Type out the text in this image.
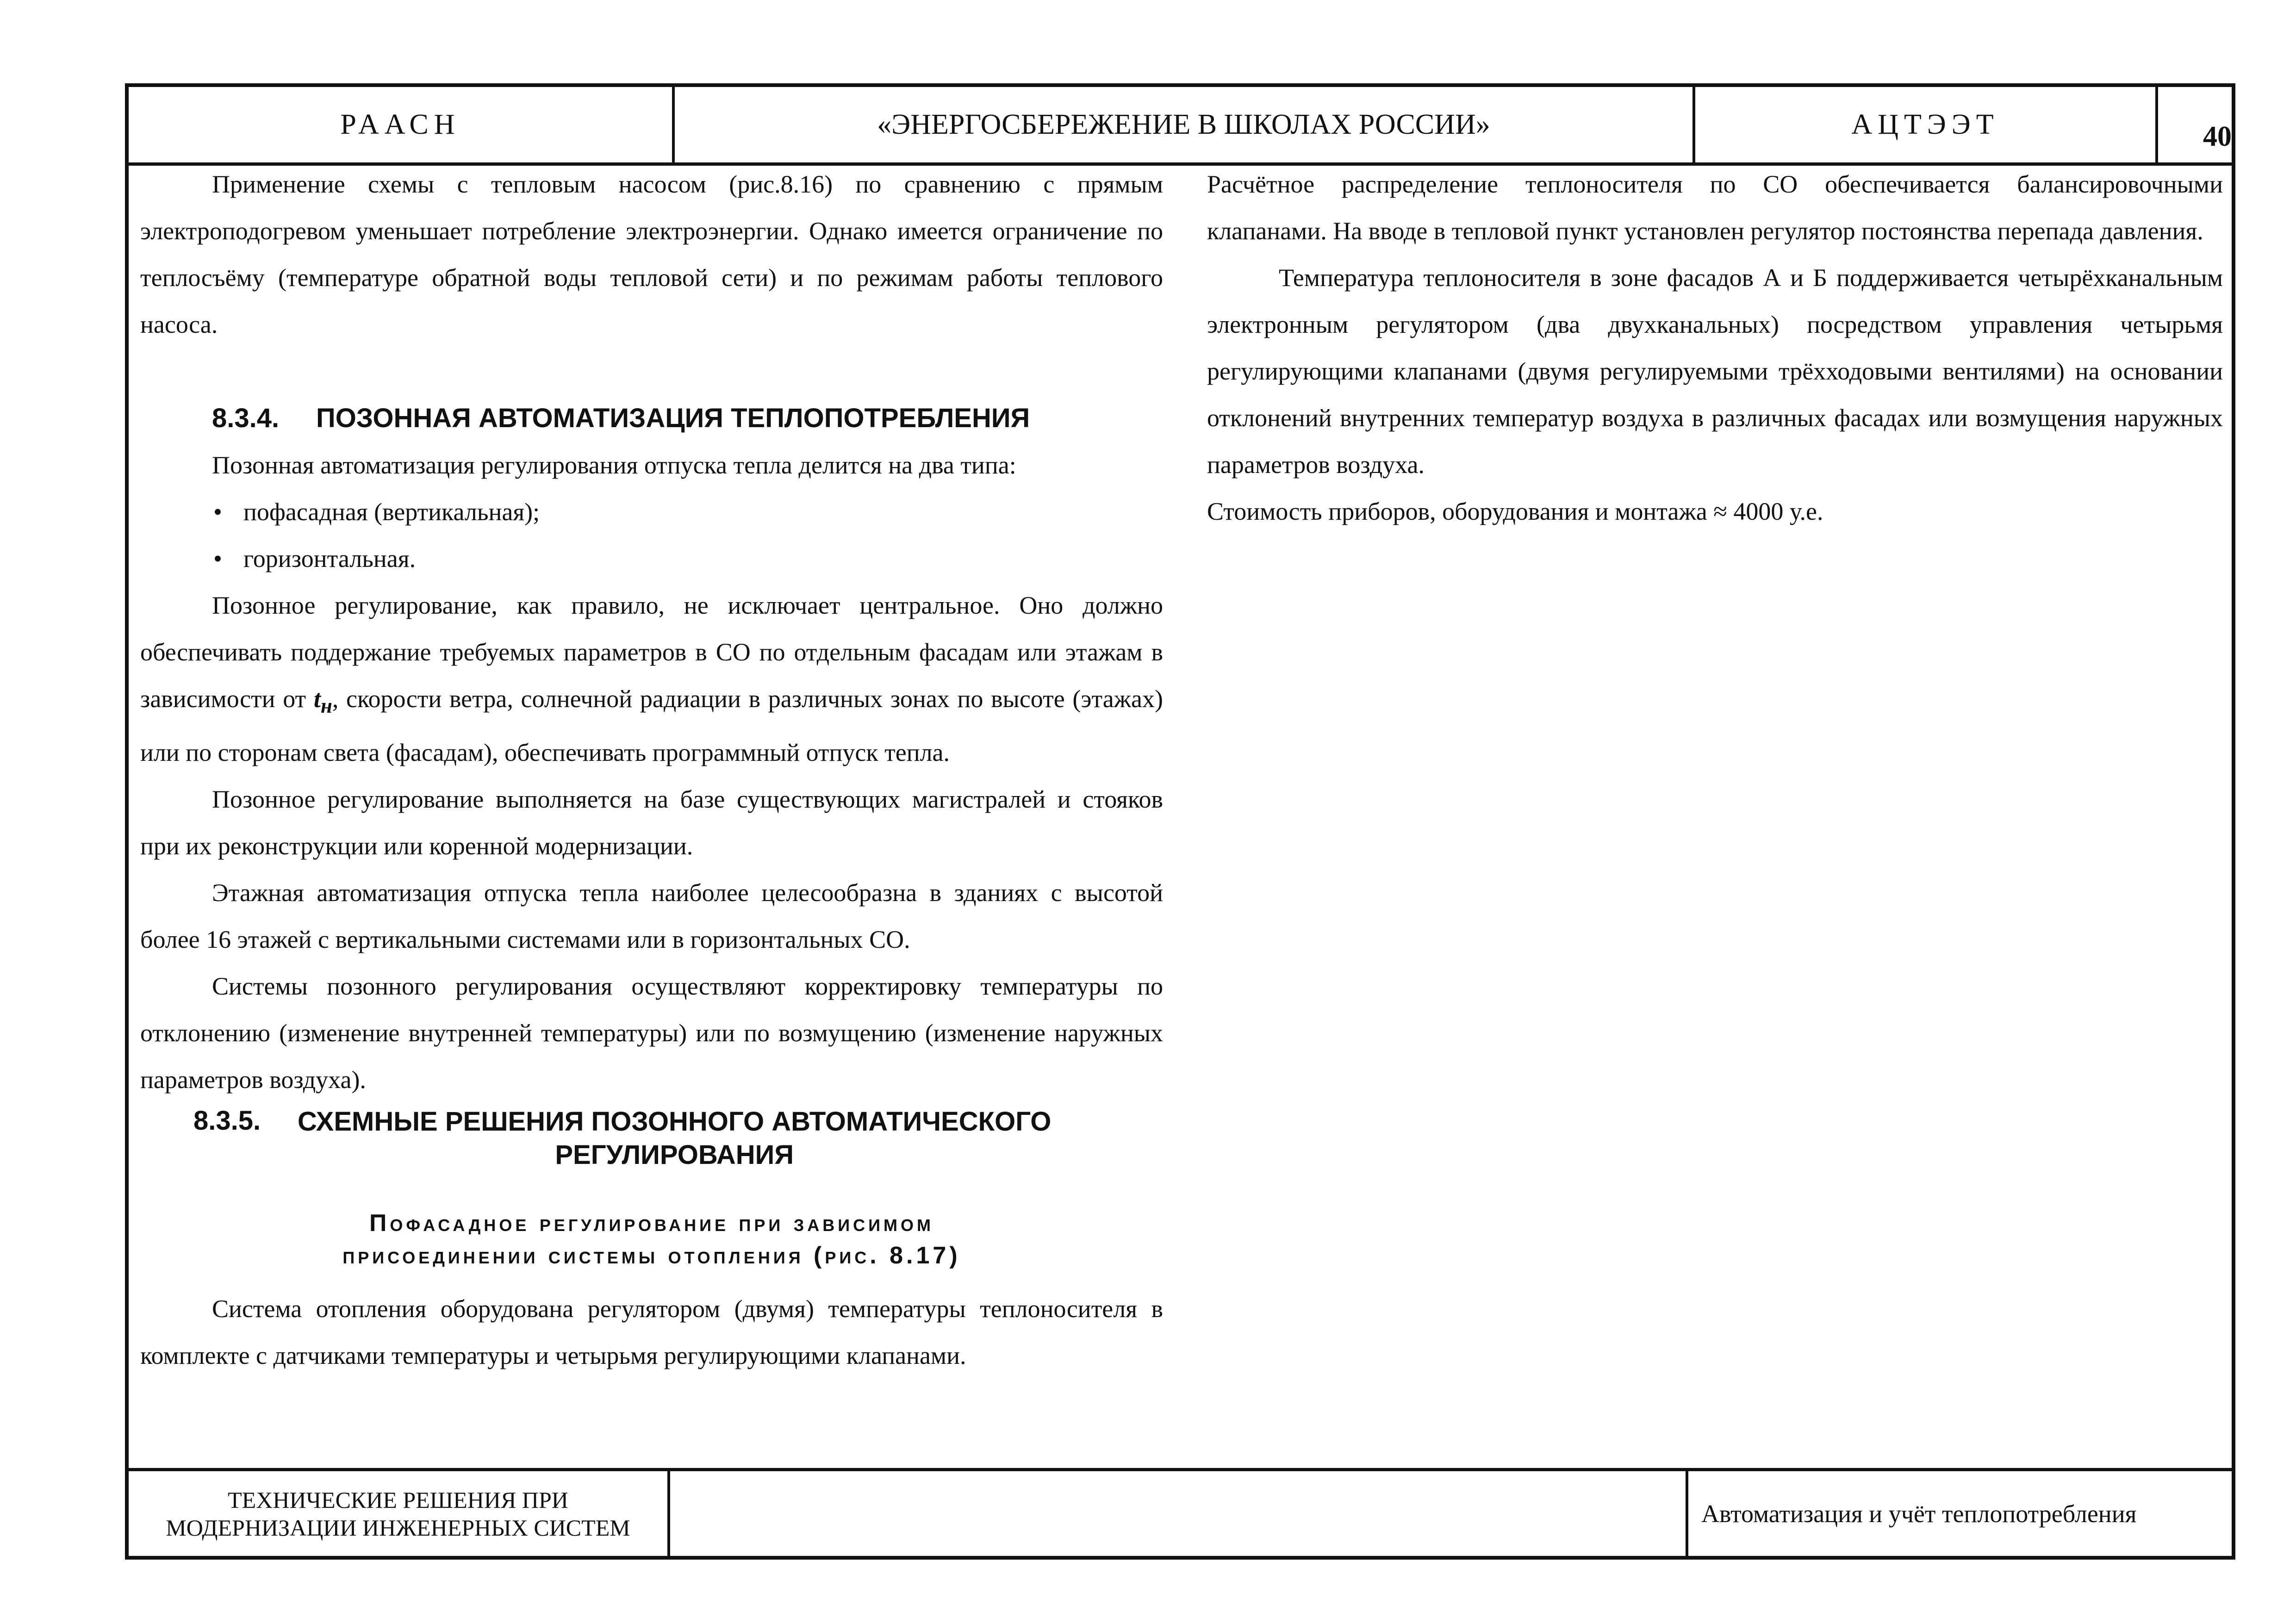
РААСН	«ЭНЕРГОСБЕРЕЖЕНИЕ В ШКОЛАХ РОССИИ»	АЦТЭЭТ	40

Применение схемы с тепловым насосом (рис.8.16) по сравнению с прямым электроподогревом уменьшает потребление электроэнергии. Однако имеется ограничение по теплосъёму (температуре обратной воды тепловой сети) и по режимам работы теплового насоса.

8.3.4. ПОЗОННАЯ АВТОМАТИЗАЦИЯ ТЕПЛОПОТРЕБЛЕНИЯ

Позонная автоматизация регулирования отпуска тепла делится на два типа:

• пофасадная (вертикальная);
• горизонтальная.

Позонное регулирование, как правило, не исключает центральное. Оно должно обеспечивать поддержание требуемых параметров в СО по отдельным фасадам или этажам в зависимости от $t_н$, скорости ветра, солнечной радиации в различных зонах по высоте (этажах) или по сторонам света (фасадам), обеспечивать программный отпуск тепла.

Позонное регулирование выполняется на базе существующих магистралей и стояков при их реконструкции или коренной модернизации.

Этажная автоматизация отпуска тепла наиболее целесообразна в зданиях с высотой более 16 этажей с вертикальными системами или в горизонтальных СО.

Системы позонного регулирования осуществляют корректировку температуры по отклонению (изменение внутренней температуры) или по возмущению (изменение наружных параметров воздуха).

8.3.5.	СХЕМНЫЕ РЕШЕНИЯ ПОЗОННОГО АВТОМАТИЧЕСКОГО
РЕГУЛИРОВАНИЯ
Пофасадное регулирование при зависимом
присоединении системы отопления (рис. 8.17)

Система отопления оборудована регулятором (двумя) температуры теплоносителя в комплекте с датчиками температуры и четырьмя регулирующими клапанами.

Расчётное распределение теплоносителя по СО обеспечивается балансировочными клапанами. На вводе в тепловой пункт установлен регулятор постоянства перепада давления.

Температура теплоносителя в зоне фасадов А и Б поддерживается четырёхканальным электронным регулятором (два двухканальных) посредством управления четырьмя регулирующими клапанами (двумя регулируемыми трёхходовыми вентилями) на основании отклонений внутренних температур воздуха в различных фасадах или возмущения наружных параметров воздуха.

Стоимость приборов, оборудования и монтажа ≈ 4000 у.е.

ТЕХНИЧЕСКИЕ РЕШЕНИЯ ПРИ
МОДЕРНИЗАЦИИ ИНЖЕНЕРНЫХ СИСТЕМ	Автоматизация и учёт теплопотребления
